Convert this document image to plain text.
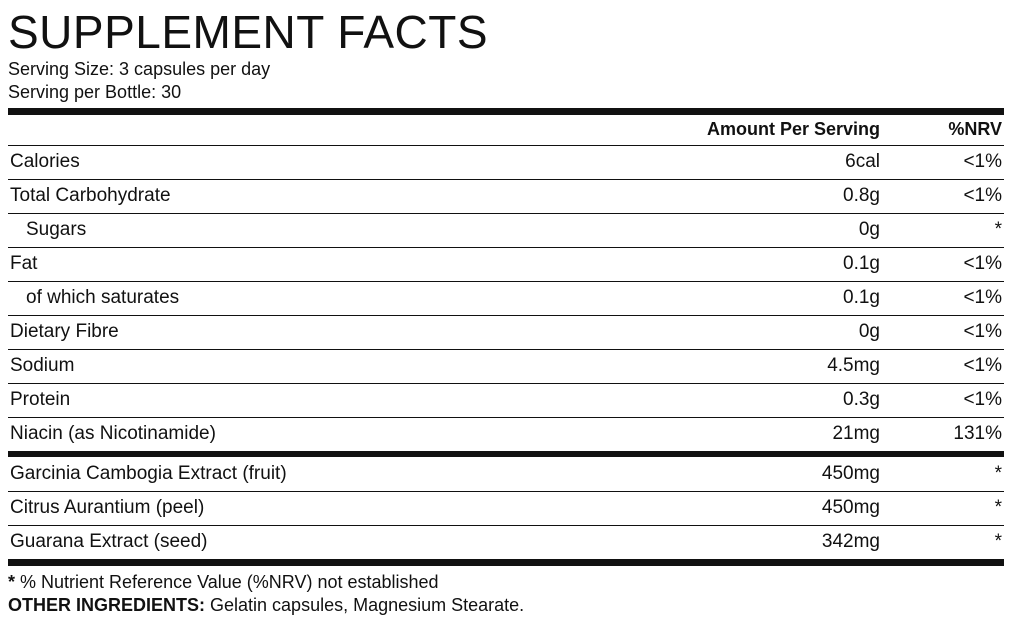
SUPPLEMENT FACTS
Serving Size: 3 capsules per day
Serving per Bottle: 30
	Amount Per Serving	%NRV
Calories	6cal	<1%
Total Carbohydrate	0.8g	<1%
Sugars	0g	*
Fat	0.1g	<1%
of which saturates	0.1g	<1%
Dietary Fibre	0g	<1%
Sodium	4.5mg	<1%
Protein	0.3g	<1%
Niacin (as Nicotinamide)	21mg	131%
Garcinia Cambogia Extract (fruit)	450mg	*
Citrus Aurantium (peel)	450mg	*
Guarana Extract (seed)	342mg	*
* % Nutrient Reference Value (%NRV) not established
OTHER INGREDIENTS: Gelatin capsules, Magnesium Stearate.
